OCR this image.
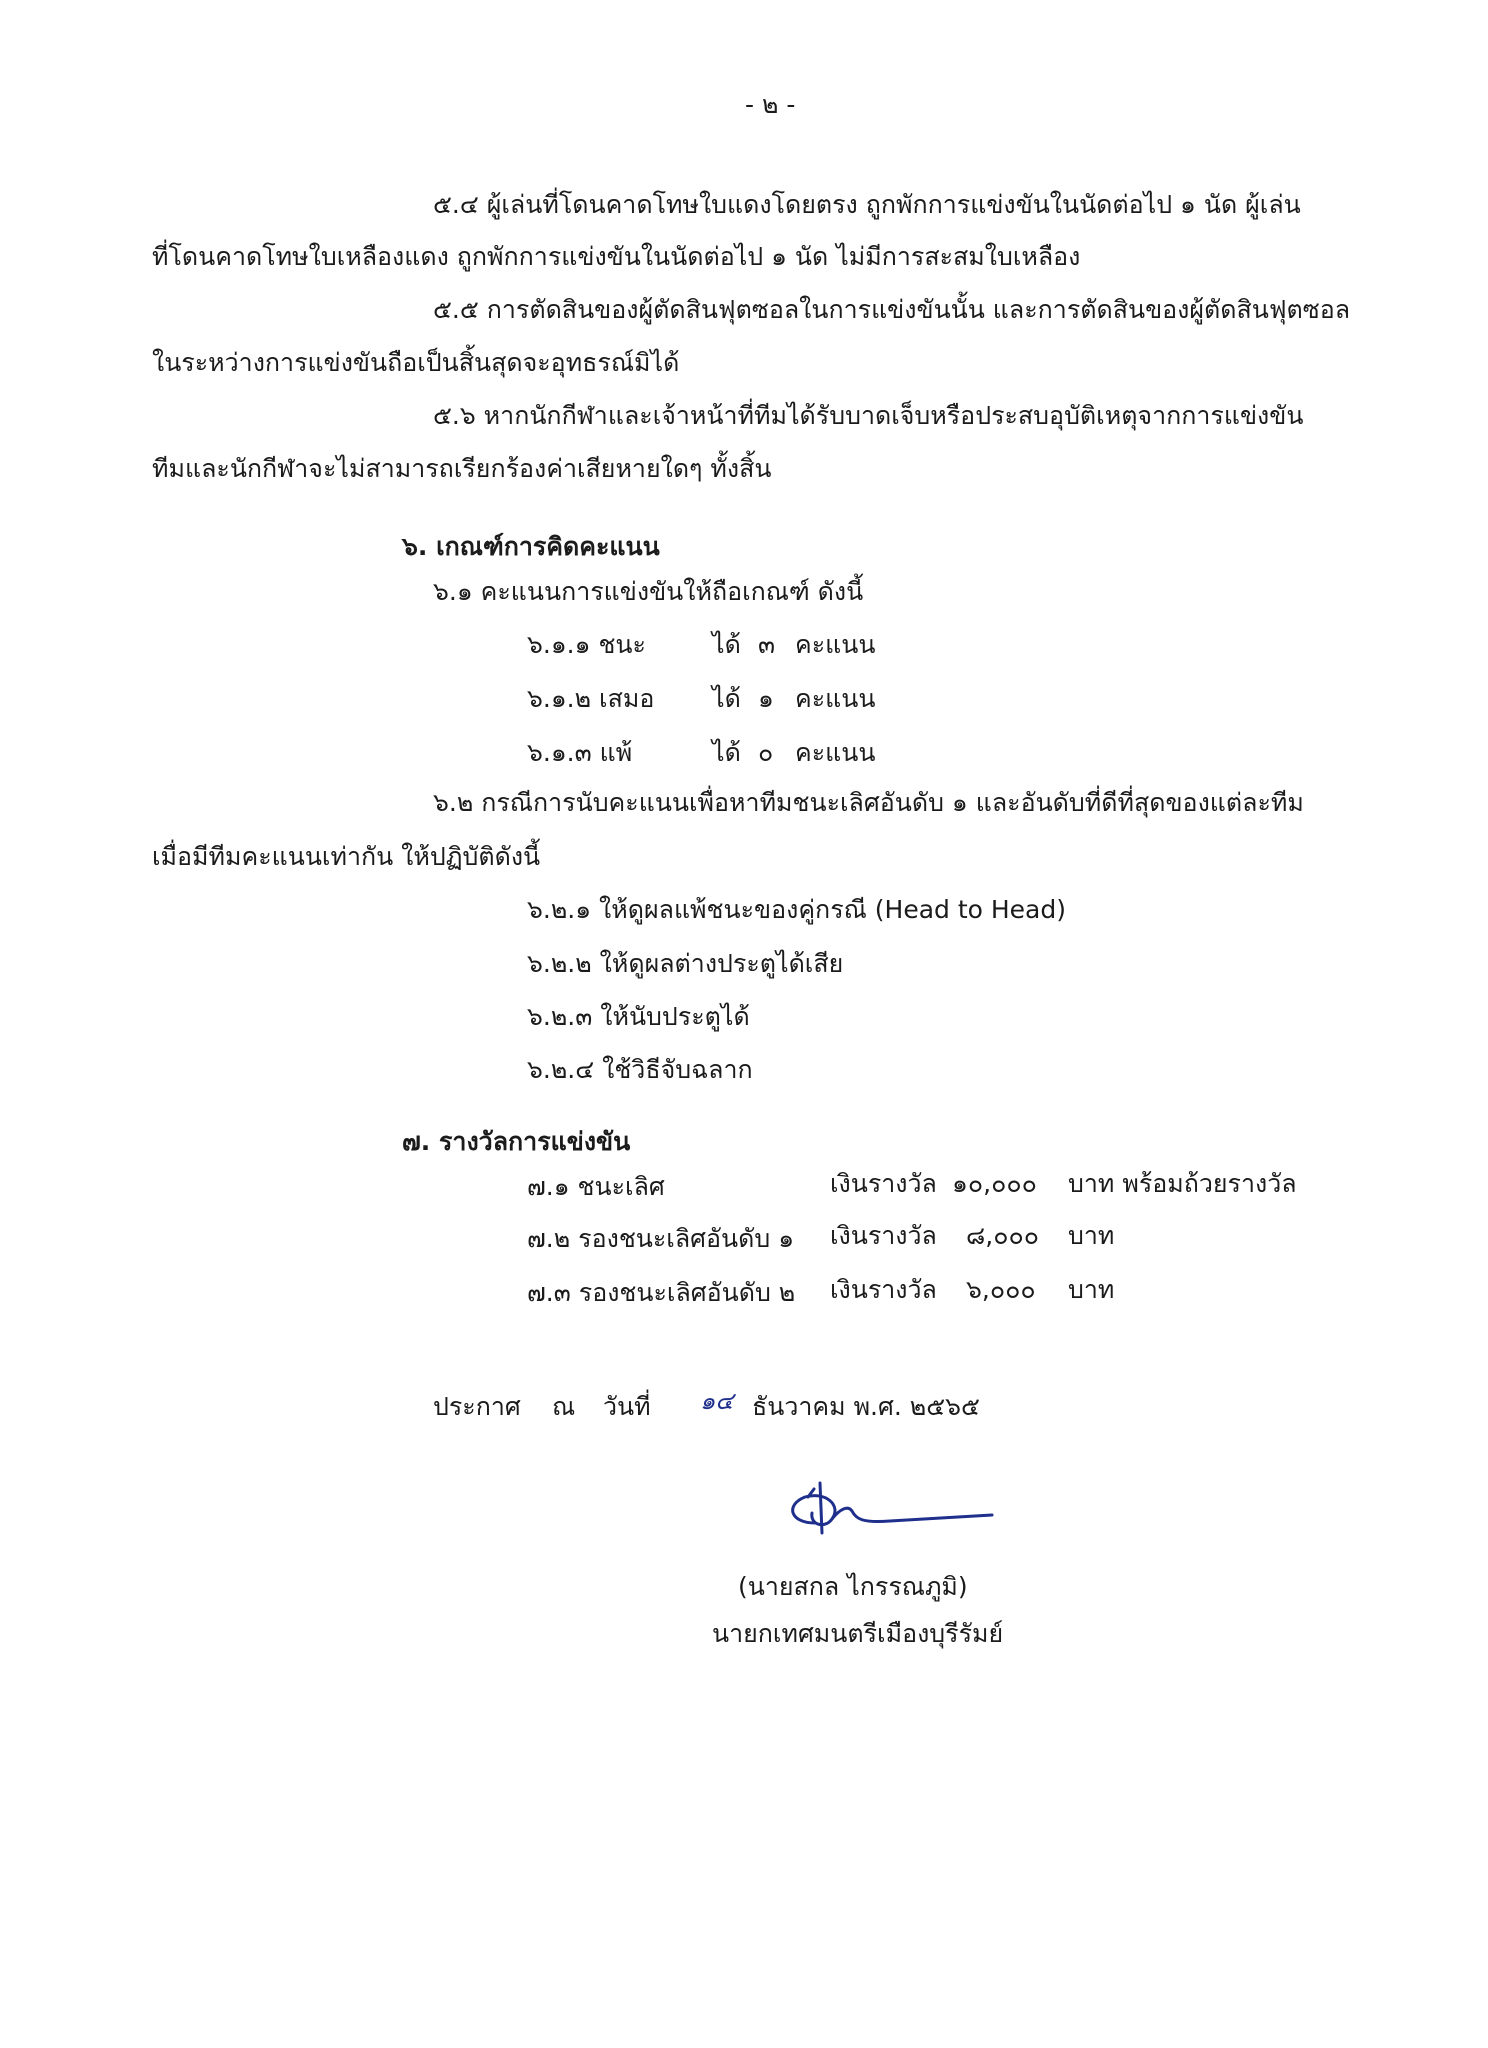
- ๒ -

๕.๔ ผู้เล่นที่โดนคาดโทษใบแดงโดยตรง ถูกพักการแข่งขันในนัดต่อไป ๑ นัด ผู้เล่น

ที่โดนคาดโทษใบเหลืองแดง ถูกพักการแข่งขันในนัดต่อไป ๑ นัด ไม่มีการสะสมใบเหลือง

๕.๕ การตัดสินของผู้ตัดสินฟุตซอลในการแข่งขันนั้น และการตัดสินของผู้ตัดสินฟุตซอล

ในระหว่างการแข่งขันถือเป็นสิ้นสุดจะอุทธรณ์มิได้

๕.๖ หากนักกีฬาและเจ้าหน้าที่ทีมได้รับบาดเจ็บหรือประสบอุบัติเหตุจากการแข่งขัน

ทีมและนักกีฬาจะไม่สามารถเรียกร้องค่าเสียหายใดๆ ทั้งสิ้น

๖. เกณฑ์การคิดคะแนน

๖.๑ คะแนนการแข่งขันให้ถือเกณฑ์ ดังนี้

๖.๑.๑ ชนะ	ได้ ๓ คะแนน

๖.๑.๒ เสมอ ได้ ๑ คะแนน

๖.๑.๓ แพ้	ได้ ๐ คะแนน

๖.๒ กรณีการนับคะแนนเพื่อหาทีมชนะเลิศอันดับ ๑ และอันดับที่ดีที่สุดของแต่ละทีม

เมื่อมีทีมคะแนนเท่ากัน ให้ปฏิบัติดังนี้

๖.๒.๑ ให้ดูผลแพ้ชนะของคู่กรณี (Head to Head)

๖.๒.๒ ให้ดูผลต่างประตูได้เสีย

๖.๒.๓ ให้นับประตูได้

๖.๒.๔ ใช้วิธีจับฉลาก

๗. รางวัลการแข่งขัน

๗.๑ ชนะเลิศ	เงินรางวัล ๑๐,๐๐๐ บาท พร้อมถ้วยรางวัล

๗.๒ รองชนะเลิศอันดับ ๑ เงินรางวัล ๘,๐๐๐ บาท

๗.๓ รองชนะเลิศอันดับ ๒ เงินรางวัล ๖,๐๐๐ บาท

ประกาศ ณ วันที่ ๑๔ ธันวาคม พ.ศ. ๒๕๖๕

(นายสกล ไกรรณภูมิ)

นายกเทศมนตรีเมืองบุรีรัมย์
